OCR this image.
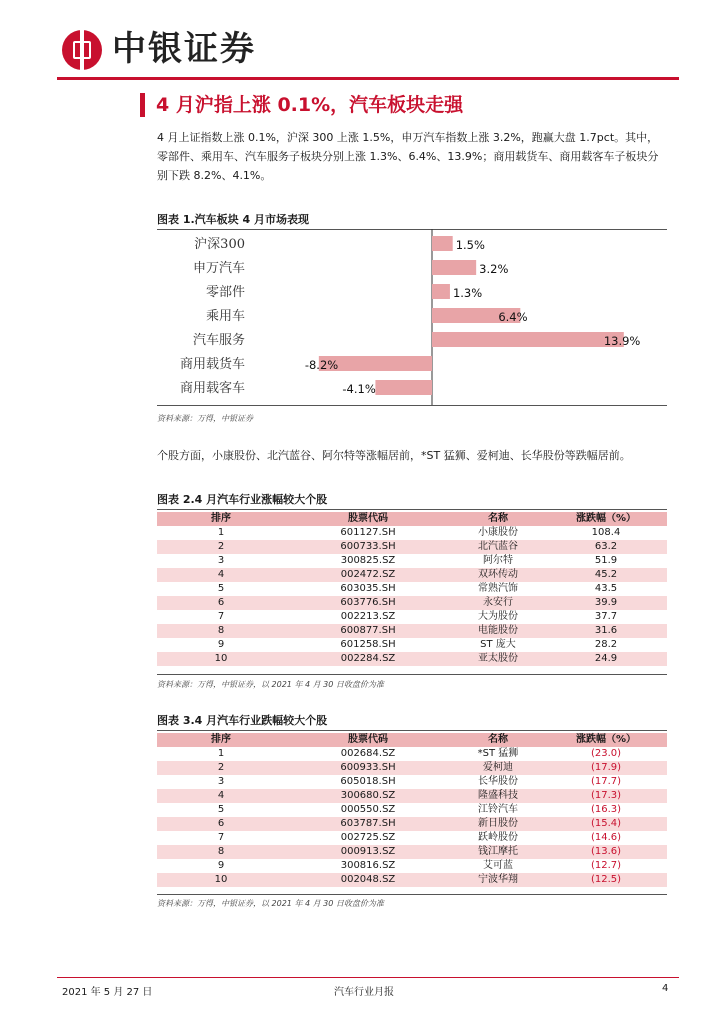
中银证券
4 月沪指上涨 0.1%，汽车板块走强
4 月上证指数上涨 0.1%，沪深 300 上涨 1.5%，申万汽车指数上涨 3.2%，跑赢大盘 1.7pct。其中，零部件、乘用车、汽车服务子板块分别上涨 1.3%、6.4%、13.9%；商用载货车、商用载客车子板块分别下跌 8.2%、4.1%。
图表 1.汽车板块 4 月市场表现
沪深300	1.5%
申万汽车	3.2%
零部件	1.3%
乘用车	6.4%
汽车服务	13.9%
商用载货车	-8.2%
商用载客车	-4.1%
资料来源：万得，中银证券
个股方面，小康股份、北汽蓝谷、阿尔特等涨幅居前，*ST 猛狮、爱柯迪、长华股份等跌幅居前。
图表 2.4 月汽车行业涨幅较大个股
排序	股票代码	名称	涨跌幅（%）
1	601127.SH	小康股份	108.4
2	600733.SH	北汽蓝谷	63.2
3	300825.SZ	阿尔特	51.9
4	002472.SZ	双环传动	45.2
5	603035.SH	常熟汽饰	43.5
6	603776.SH	永安行	39.9
7	002213.SZ	大为股份	37.7
8	600877.SH	电能股份	31.6
9	601258.SH	ST 庞大	28.2
10	002284.SZ	亚太股份	24.9
资料来源：万得，中银证券，以 2021 年 4 月 30 日收盘价为准
图表 3.4 月汽车行业跌幅较大个股
排序	股票代码	名称	涨跌幅（%）
1	002684.SZ	*ST 猛狮	(23.0)
2	600933.SH	爱柯迪	(17.9)
3	605018.SH	长华股份	(17.7)
4	300680.SZ	隆盛科技	(17.3)
5	000550.SZ	江铃汽车	(16.3)
6	603787.SH	新日股份	(15.4)
7	002725.SZ	跃岭股份	(14.6)
8	000913.SZ	钱江摩托	(13.6)
9	300816.SZ	艾可蓝	(12.7)
10	002048.SZ	宁波华翔	(12.5)
资料来源：万得，中银证券，以 2021 年 4 月 30 日收盘价为准
2021 年 5 月 27 日	汽车行业月报	4
